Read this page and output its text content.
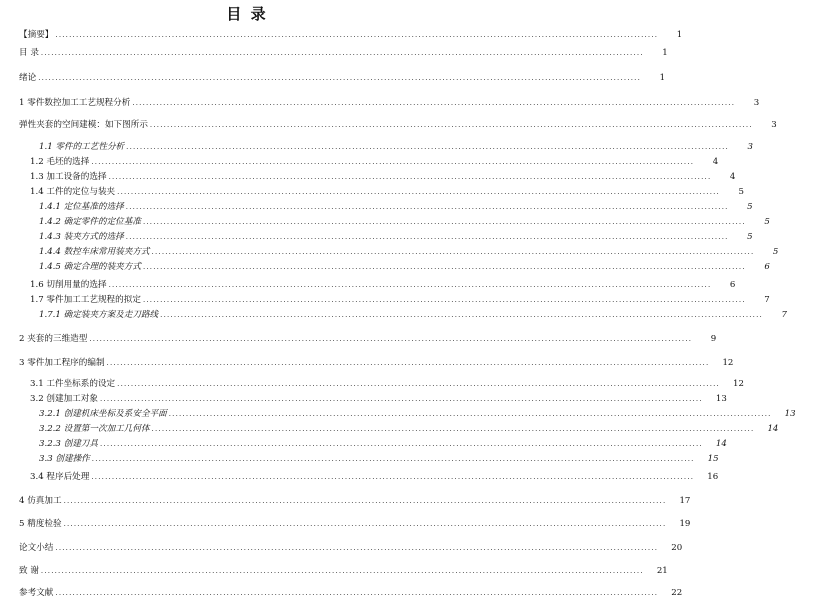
目 录
【摘要】 .....	1
目 录 .....	1
绪论 .....	1
1 零件数控加工工艺规程分析 .....	3
弹性夹套的空间建模：如下图所示 .....	3
1.1 零件的工艺性分析 .....	3
1.2 毛坯的选择 .....	4
1.3 加工设备的选择 .....	4
1.4 工件的定位与装夹 .....	5
1.4.1 定位基准的选择 .....	5
1.4.2 确定零件的定位基准 .....	5
1.4.3 装夹方式的选择 .....	5
1.4.4 数控车床常用装夹方式 .....	5
1.4.5 确定合理的装夹方式 .....	6
1.6 切削用量的选择 .....	6
1.7 零件加工工艺规程的拟定 .....	7
1.7.1 确定装夹方案及走刀路线 .....	7
2 夹套的三维造型 .....	9
3 零件加工程序的编制 .....	12
3.1 工件坐标系的设定 .....	12
3.2 创建加工对象 .....	13
3.2.1 创建机床坐标及系安全平面 .....	13
3.2.2 设置第一次加工几何体 .....	14
3.2.3 创建刀具 .....	14
3.3 创建操作 .....	15
3.4 程序后处理 .....	16
4 仿真加工 .....	17
5 精度检验 .....	19
论文小结 .....	20
致 谢 .....	21
参考文献 .....	22
